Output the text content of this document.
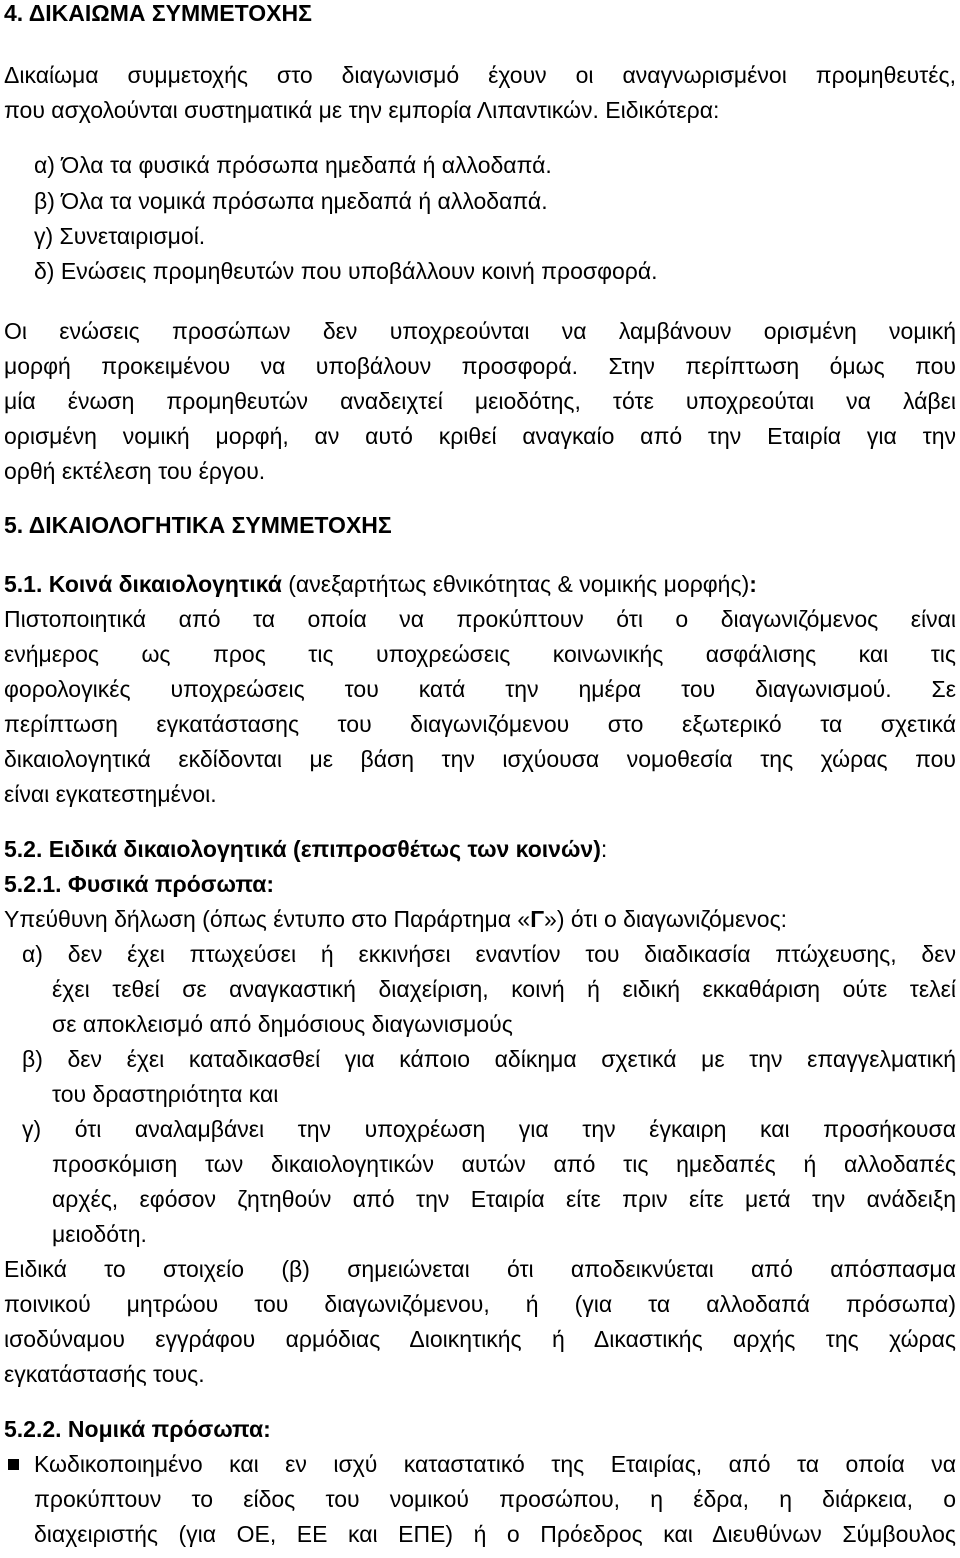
4. ΔΙΚΑΙΩΜΑ ΣΥΜΜΕΤΟΧΗΣ
Δικαίωμα συμμετοχής στο διαγωνισμό έχουν οι αναγνωρισμένοι προμηθευτές,
που ασχολούνται συστηματικά με την εμπορία Λιπαντικών. Ειδικότερα:
α) Όλα τα φυσικά πρόσωπα ημεδαπά ή αλλοδαπά.
β) Όλα τα νομικά πρόσωπα ημεδαπά ή αλλοδαπά.
γ) Συνεταιρισμοί.
δ) Ενώσεις προμηθευτών που υποβάλλουν κοινή προσφορά.
Οι ενώσεις προσώπων δεν υποχρεούνται να λαμβάνουν ορισμένη νομική
μορφή προκειμένου να υποβάλουν προσφορά. Στην περίπτωση όμως που
μία ένωση προμηθευτών αναδειχτεί μειοδότης, τότε υποχρεούται να λάβει
ορισμένη νομική μορφή, αν αυτό κριθεί αναγκαίο από την Εταιρία για την
ορθή εκτέλεση του έργου.
5. ΔΙΚΑΙΟΛΟΓΗΤΙΚΑ ΣΥΜΜΕΤΟΧΗΣ
5.1. Κοινά δικαιολογητικά (ανεξαρτήτως εθνικότητας & νομικής μορφής):
Πιστοποιητικά από τα οποία να προκύπτουν ότι ο διαγωνιζόμενος είναι
ενήμερος ως προς τις υποχρεώσεις κοινωνικής ασφάλισης και τις
φορολογικές υποχρεώσεις του κατά την ημέρα του διαγωνισμού. Σε
περίπτωση εγκατάστασης του διαγωνιζόμενου στο εξωτερικό τα σχετικά
δικαιολογητικά εκδίδονται με βάση την ισχύουσα νομοθεσία της χώρας που
είναι εγκατεστημένοι.
5.2. Ειδικά δικαιολογητικά (επιπροσθέτως των κοινών):
5.2.1. Φυσικά πρόσωπα:
Υπεύθυνη δήλωση (όπως έντυπο στο Παράρτημα «Γ») ότι ο διαγωνιζόμενος:
α) δεν έχει πτωχεύσει ή εκκινήσει εναντίον του διαδικασία πτώχευσης, δεν
έχει τεθεί σε αναγκαστική διαχείριση, κοινή ή ειδική εκκαθάριση ούτε τελεί
σε αποκλεισμό από δημόσιους διαγωνισμούς
β) δεν έχει καταδικασθεί για κάποιο αδίκημα σχετικά με την επαγγελματική
του δραστηριότητα και
γ) ότι αναλαμβάνει την υποχρέωση για την έγκαιρη και προσήκουσα
προσκόμιση των δικαιολογητικών αυτών από τις ημεδαπές ή αλλοδαπές
αρχές, εφόσον ζητηθούν από την Εταιρία είτε πριν είτε μετά την ανάδειξη
μειοδότη.
Ειδικά το στοιχείο (β) σημειώνεται ότι αποδεικνύεται από απόσπασμα
ποινικού μητρώου του διαγωνιζόμενου, ή (για τα αλλοδαπά πρόσωπα)
ισοδύναμου εγγράφου αρμόδιας Διοικητικής ή Δικαστικής αρχής της χώρας
εγκατάστασής τους.
5.2.2. Νομικά πρόσωπα:
Κωδικοποιημένο και εν ισχύ καταστατικό της Εταιρίας, από τα οποία να
προκύπτουν το είδος του νομικού προσώπου, η έδρα, η διάρκεια, ο
διαχειριστής (για ΟΕ, ΕΕ και ΕΠΕ) ή ο Πρόεδρος και Διευθύνων Σύμβουλος
